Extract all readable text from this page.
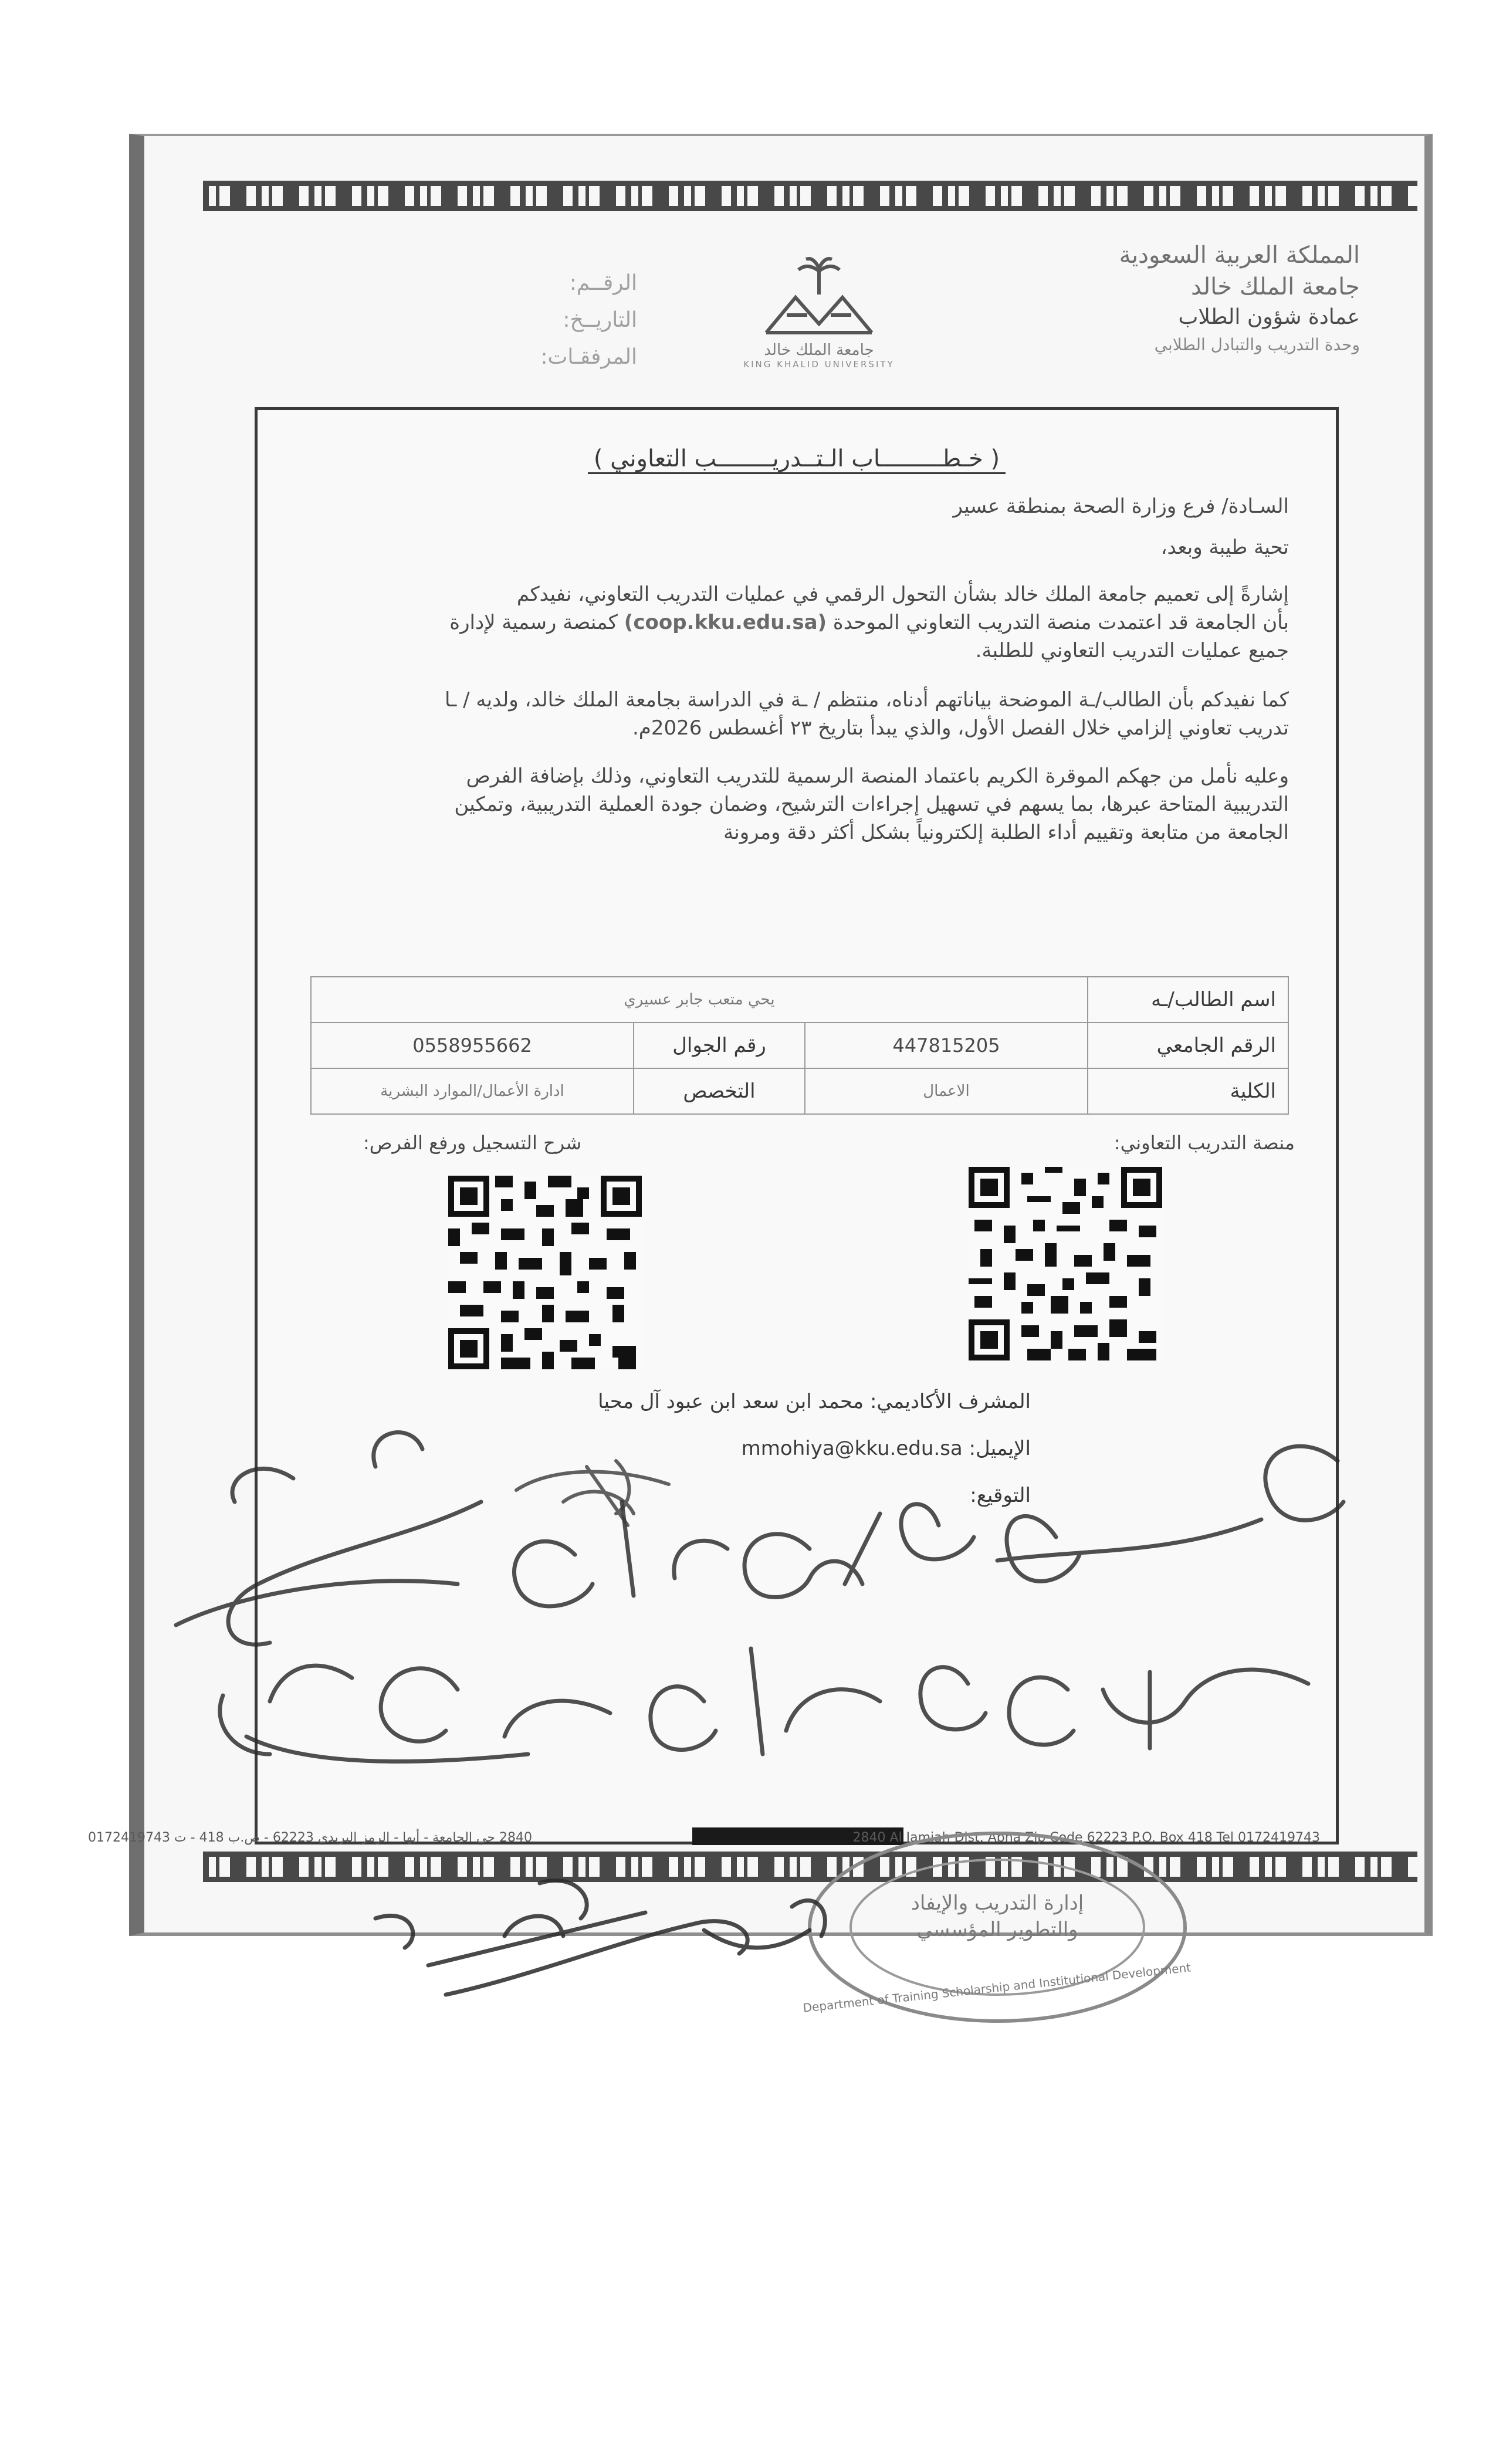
المملكة العربية السعودية
جامعة الملك خالد
عمادة شؤون الطلاب
وحدة التدريب والتبادل الطلابي
جامعة الملك خالد
KING KHALID UNIVERSITY
الرقــم:
التاريــخ:
المرفقـات:
( خـطـــــــــاب الـتــدريــــــــب التعاوني )
السـادة/ فرع وزارة الصحة بمنطقة عسير
تحية طيبة وبعد،
إشارةً إلى تعميم جامعة الملك خالد بشأن التحول الرقمي في عمليات التدريب التعاوني، نفيدكم
بأن الجامعة قد اعتمدت منصة التدريب التعاوني الموحدة (coop.kku.edu.sa) كمنصة رسمية لإدارة
جميع عمليات التدريب التعاوني للطلبة.
كما نفيدكم بأن الطالب/ـة الموضحة بياناتهم أدناه، منتظم / ـة في الدراسة بجامعة الملك خالد، ولديه / ـا
تدريب تعاوني إلزامي خلال الفصل الأول، والذي يبدأ بتاريخ ٢٣ أغسطس 2026م.
وعليه نأمل من جهكم الموقرة الكريم باعتماد المنصة الرسمية للتدريب التعاوني، وذلك بإضافة الفرص
التدريبية المتاحة عبرها، بما يسهم في تسهيل إجراءات الترشيح، وضمان جودة العملية التدريبية، وتمكين
الجامعة من متابعة وتقييم أداء الطلبة إلكترونياً بشكل أكثر دقة ومرونة
اسم الطالب/ـه	يحي متعب جابر عسيري		
الرقم الجامعي	447815205	رقم الجوال	0558955662
الكلية	الاعمال	التخصص	ادارة الأعمال/الموارد البشرية
منصة التدريب التعاوني:
شرح التسجيل ورفع الفرص:
المشرف الأكاديمي: محمد ابن سعد ابن عبود آل محيا
الإيميل: mmohiya@kku.edu.sa
التوقيع:
2840 حي الجامعة - أبها - الرمز البريدي 62223 - ص.ب 418 - ت 0172419743	2840 Al Jamiah Dist. Abha Zip Code 62223 P.O. Box 418 Tel 0172419743
إدارة التدريب والإيفاد
والتطوير المؤسسي
Department of Training Scholarship and Institutional Development
